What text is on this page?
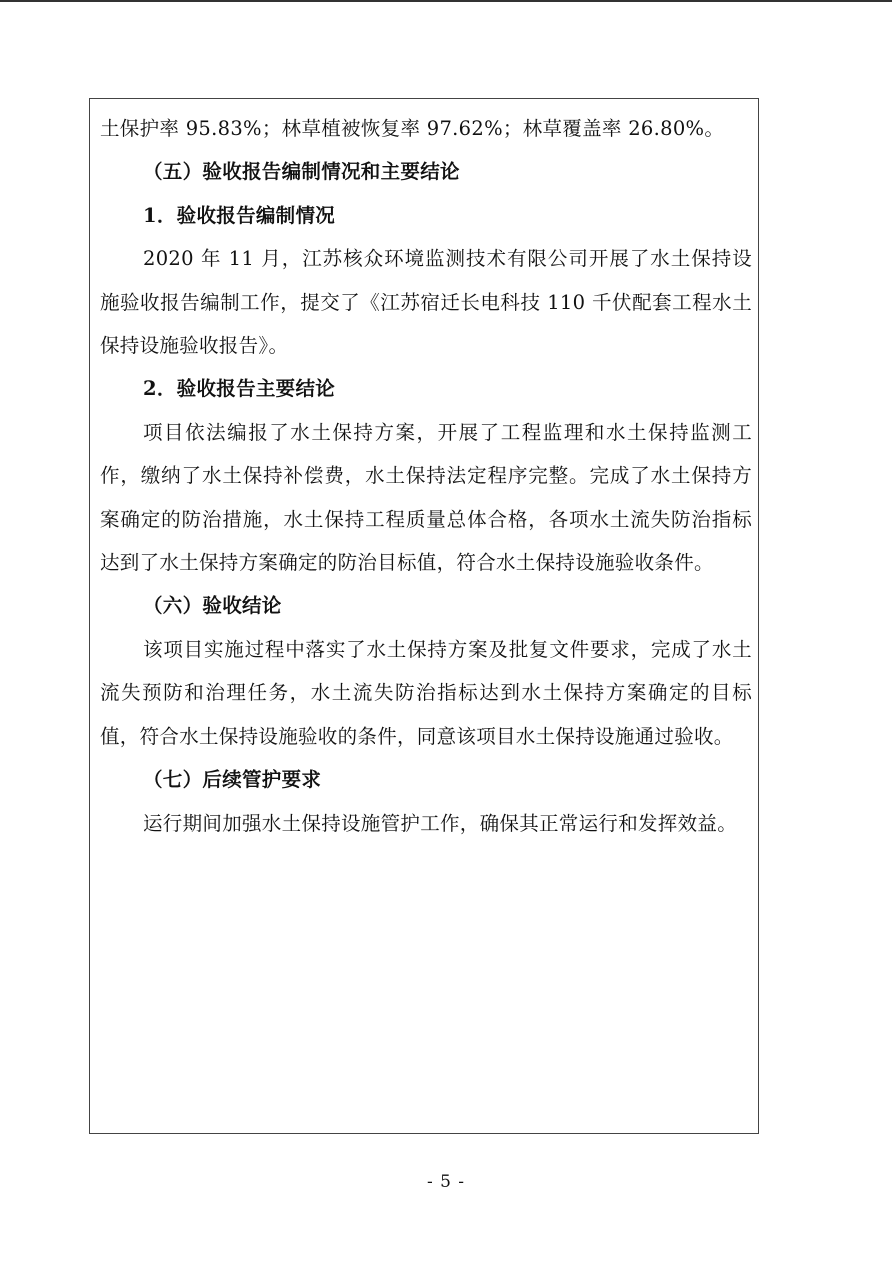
土保护率 95.83%；林草植被恢复率 97.62%；林草覆盖率 26.80%。

（五）验收报告编制情况和主要结论

1．验收报告编制情况

2020 年 11 月，江苏核众环境监测技术有限公司开展了水土保持设施验收报告编制工作，提交了《江苏宿迁长电科技 110 千伏配套工程水土保持设施验收报告》。

2．验收报告主要结论

项目依法编报了水土保持方案，开展了工程监理和水土保持监测工作，缴纳了水土保持补偿费，水土保持法定程序完整。完成了水土保持方案确定的防治措施，水土保持工程质量总体合格，各项水土流失防治指标达到了水土保持方案确定的防治目标值，符合水土保持设施验收条件。

（六）验收结论

该项目实施过程中落实了水土保持方案及批复文件要求，完成了水土流失预防和治理任务，水土流失防治指标达到水土保持方案确定的目标值，符合水土保持设施验收的条件，同意该项目水土保持设施通过验收。

（七）后续管护要求

运行期间加强水土保持设施管护工作，确保其正常运行和发挥效益。

- 5 -
